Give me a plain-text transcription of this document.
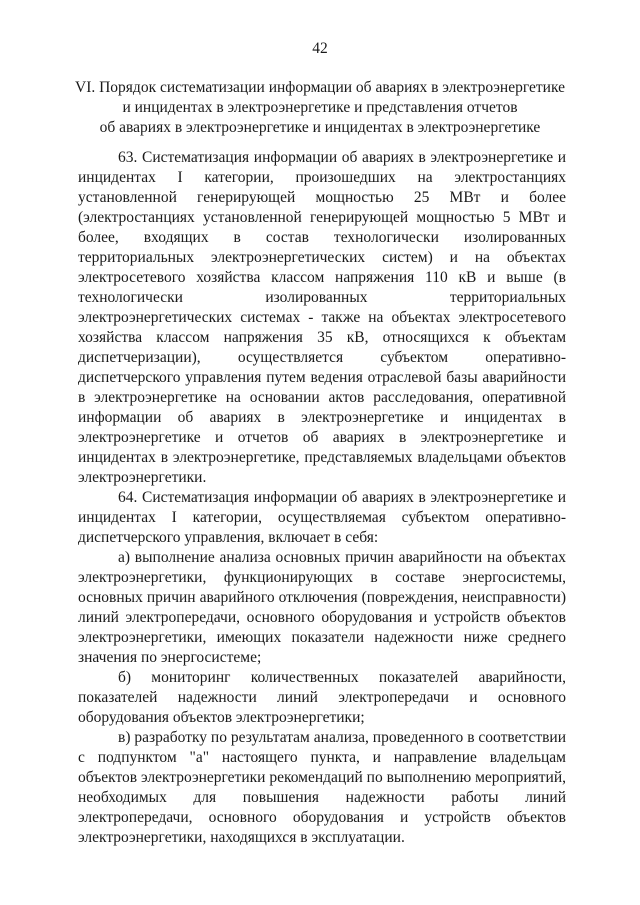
42
VI. Порядок систематизации информации об авариях в электроэнергетике
и инцидентах в электроэнергетике и представления отчетов
об авариях в электроэнергетике и инцидентах в электроэнергетике

63. Систематизация информации об авариях в электроэнергетике и инцидентах I категории, произошедших на электростанциях установленной генерирующей мощностью 25 МВт и более (электростанциях установленной генерирующей мощностью 5 МВт и более, входящих в состав технологически изолированных территориальных электроэнергетических систем) и на объектах электросетевого хозяйства классом напряжения 110 кВ и выше (в технологически изолированных территориальных электроэнергетических системах - также на объектах электросетевого хозяйства классом напряжения 35 кВ, относящихся к объектам диспетчеризации), осуществляется субъектом оперативно-диспетчерского управления путем ведения отраслевой базы аварийности в электроэнергетике на основании актов расследования, оперативной информации об авариях в электроэнергетике и инцидентах в электроэнергетике и отчетов об авариях в электроэнергетике и инцидентах в электроэнергетике, представляемых владельцами объектов электроэнергетики.

64. Систематизация информации об авариях в электроэнергетике и инцидентах I категории, осуществляемая субъектом оперативно-диспетчерского управления, включает в себя:

а) выполнение анализа основных причин аварийности на объектах электроэнергетики, функционирующих в составе энергосистемы, основных причин аварийного отключения (повреждения, неисправности) линий электропередачи, основного оборудования и устройств объектов электроэнергетики, имеющих показатели надежности ниже среднего значения по энергосистеме;

б) мониторинг количественных показателей аварийности, показателей надежности линий электропередачи и основного оборудования объектов электроэнергетики;

в) разработку по результатам анализа, проведенного в соответствии с подпунктом "а" настоящего пункта, и направление владельцам объектов электроэнергетики рекомендаций по выполнению мероприятий, необходимых для повышения надежности работы линий электропередачи, основного оборудования и устройств объектов электроэнергетики, находящихся в эксплуатации.
